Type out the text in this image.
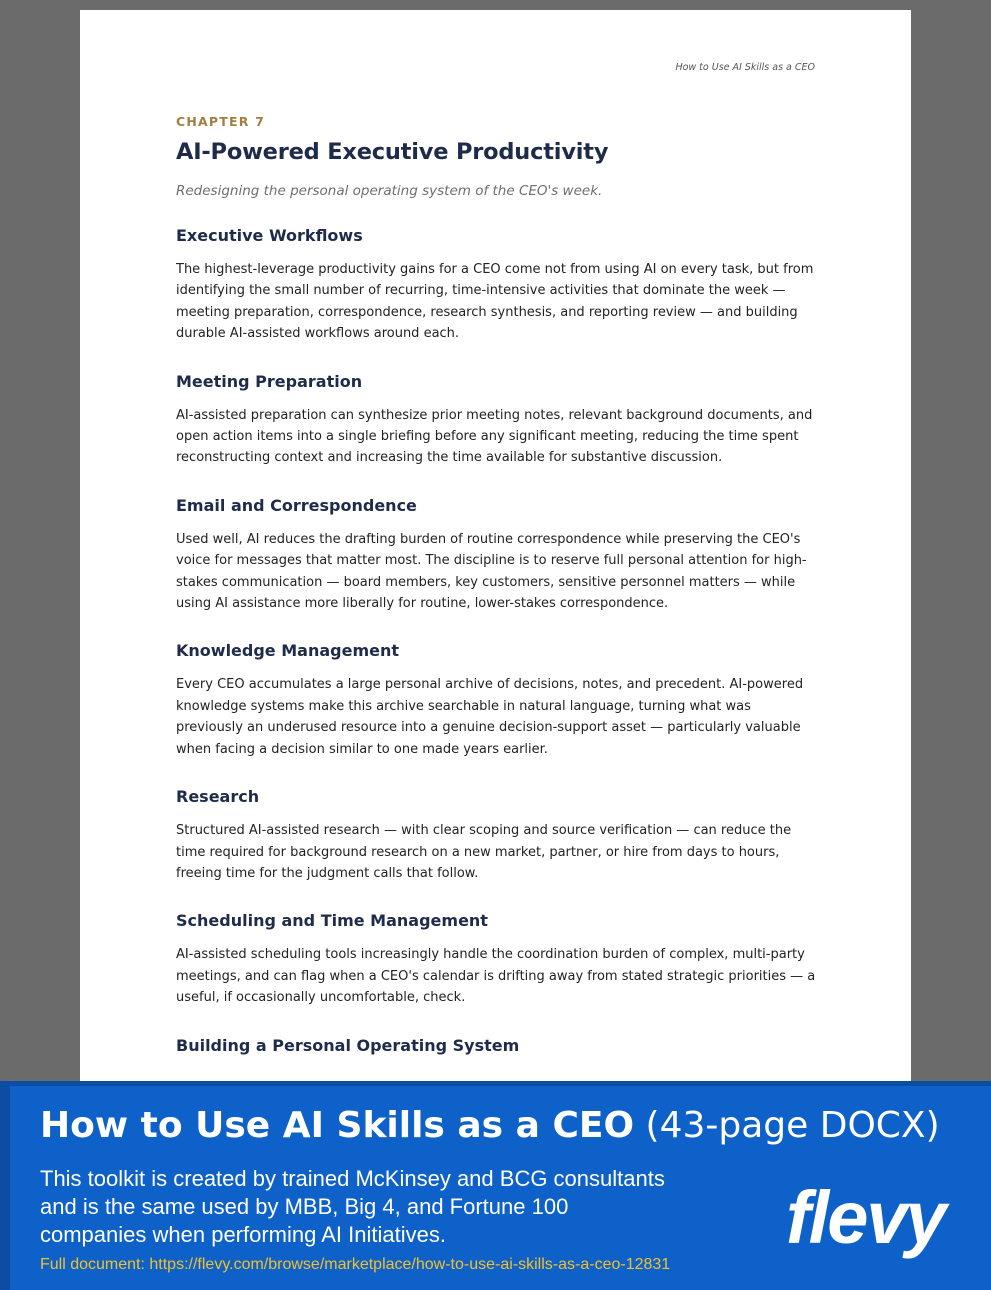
How to Use AI Skills as a CEO
CHAPTER 7
AI-Powered Executive Productivity
Redesigning the personal operating system of the CEO's week.
Executive Workflows

The highest-leverage productivity gains for a CEO come not from using AI on every task, but from identifying the small number of recurring, time-intensive activities that dominate the week — meeting preparation, correspondence, research synthesis, and reporting review — and building durable AI-assisted workflows around each.

Meeting Preparation

AI-assisted preparation can synthesize prior meeting notes, relevant background documents, and open action items into a single briefing before any significant meeting, reducing the time spent reconstructing context and increasing the time available for substantive discussion.

Email and Correspondence

Used well, AI reduces the drafting burden of routine correspondence while preserving the CEO's voice for messages that matter most. The discipline is to reserve full personal attention for high-stakes communication — board members, key customers, sensitive personnel matters — while using AI assistance more liberally for routine, lower-stakes correspondence.

Knowledge Management

Every CEO accumulates a large personal archive of decisions, notes, and precedent. AI-powered knowledge systems make this archive searchable in natural language, turning what was previously an underused resource into a genuine decision-support asset — particularly valuable when facing a decision similar to one made years earlier.

Research

Structured AI-assisted research — with clear scoping and source verification — can reduce the time required for background research on a new market, partner, or hire from days to hours, freeing time for the judgment calls that follow.

Scheduling and Time Management

AI-assisted scheduling tools increasingly handle the coordination burden of complex, multi-party meetings, and can flag when a CEO's calendar is drifting away from stated strategic priorities — a useful, if occasionally uncomfortable, check.

Building a Personal Operating System
How to Use AI Skills as a CEO (43-page DOCX)
This toolkit is created by trained McKinsey and BCG consultants and is the same used by MBB, Big 4, and Fortune 100 companies when performing AI Initiatives.
Full document: https://flevy.com/browse/marketplace/how-to-use-ai-skills-as-a-ceo-12831
flevy
